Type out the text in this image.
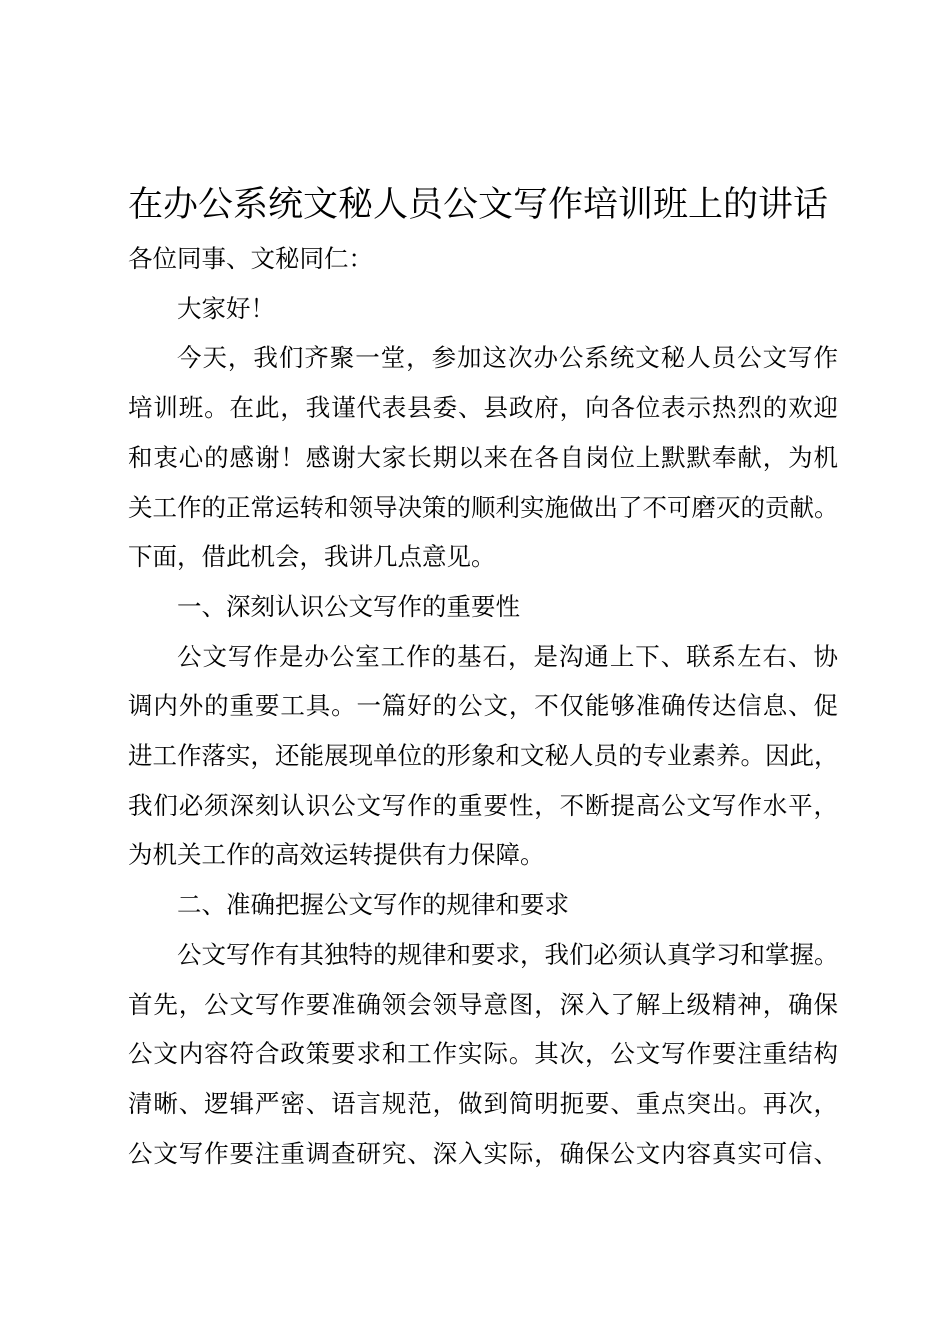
在办公系统文秘人员公文写作培训班上的讲话

各位同事、文秘同仁：

大家好！

今天，我们齐聚一堂，参加这次办公系统文秘人员公文写作
培训班。在此，我谨代表县委、县政府，向各位表示热烈的欢迎
和衷心的感谢！感谢大家长期以来在各自岗位上默默奉献，为机
关工作的正常运转和领导决策的顺利实施做出了不可磨灭的贡献。
下面，借此机会，我讲几点意见。

一、深刻认识公文写作的重要性

公文写作是办公室工作的基石，是沟通上下、联系左右、协
调内外的重要工具。一篇好的公文，不仅能够准确传达信息、促
进工作落实，还能展现单位的形象和文秘人员的专业素养。因此，
我们必须深刻认识公文写作的重要性，不断提高公文写作水平，
为机关工作的高效运转提供有力保障。

二、准确把握公文写作的规律和要求

公文写作有其独特的规律和要求，我们必须认真学习和掌握。
首先，公文写作要准确领会领导意图，深入了解上级精神，确保
公文内容符合政策要求和工作实际。其次，公文写作要注重结构
清晰、逻辑严密、语言规范，做到简明扼要、重点突出。再次，
公文写作要注重调查研究、深入实际，确保公文内容真实可信、
